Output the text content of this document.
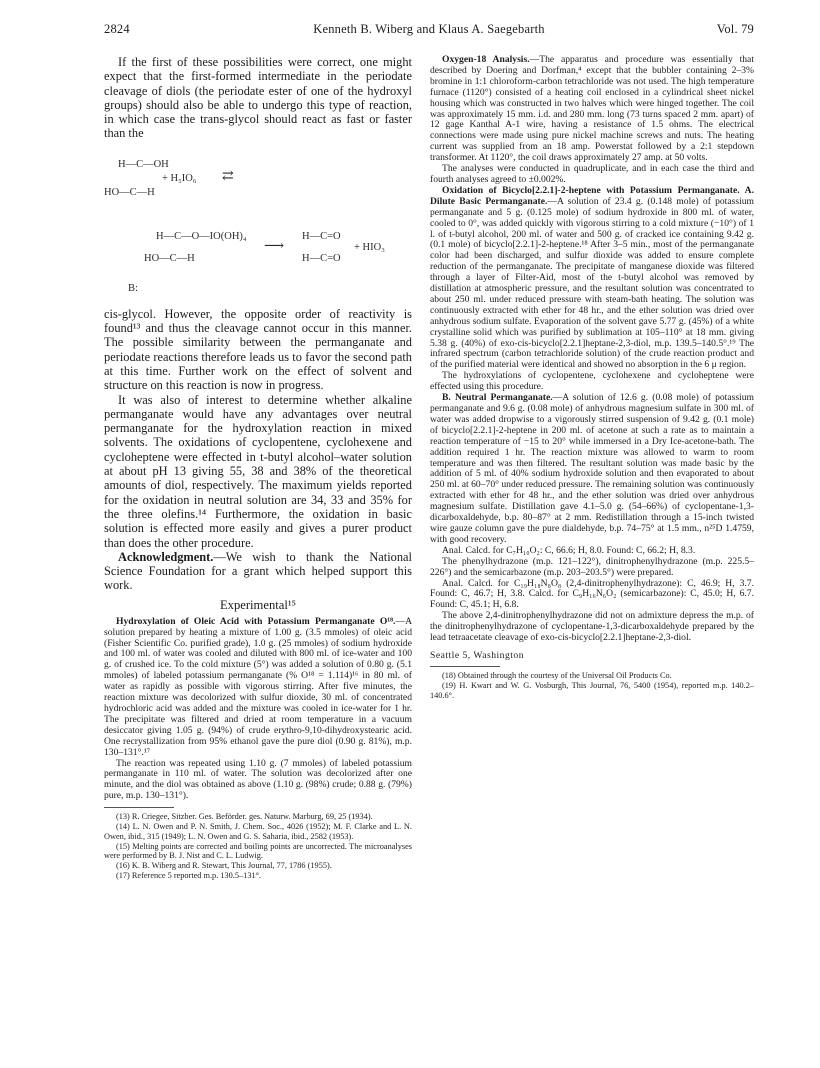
2824	Kenneth B. Wiberg and Klaus A. Saegebarth	Vol. 79

If the first of these possibilities were correct, one might expect that the first-formed intermediate in the periodate cleavage of diols (the periodate ester of one of the hydroxyl groups) should also be able to undergo this type of reaction, in which case the trans-glycol should react as fast or faster than the

H—C—OH
+ H₅IO₆ ⇄
HO—C—H
H—C—O—IO(OH)₄
HO—C—H
B:
⟶
H—C=O
H—C=O
+ HIO₃

cis-glycol. However, the opposite order of reactivity is found¹³ and thus the cleavage cannot occur in this manner. The possible similarity between the permanganate and periodate reactions therefore leads us to favor the second path at this time. Further work on the effect of solvent and structure on this reaction is now in progress.

It was also of interest to determine whether alkaline permanganate would have any advantages over neutral permanganate for the hydroxylation reaction in mixed solvents. The oxidations of cyclopentene, cyclohexene and cycloheptene were effected in t-butyl alcohol–water solution at about pH 13 giving 55, 38 and 38% of the theoretical amounts of diol, respectively. The maximum yields reported for the oxidation in neutral solution are 34, 33 and 35% for the three olefins.¹⁴ Furthermore, the oxidation in basic solution is effected more easily and gives a purer product than does the other procedure.

Acknowledgment.—We wish to thank the National Science Foundation for a grant which helped support this work.

Experimental¹⁵

Hydroxylation of Oleic Acid with Potassium Permanganate O¹⁸.—A solution prepared by heating a mixture of 1.00 g. (3.5 mmoles) of oleic acid (Fisher Scientific Co. purified grade), 1.0 g. (25 mmoles) of sodium hydroxide and 100 ml. of water was cooled and diluted with 800 ml. of ice-water and 100 g. of crushed ice. To the cold mixture (5°) was added a solution of 0.80 g. (5.1 mmoles) of labeled potassium permanganate (% O¹⁸ = 1.114)¹⁶ in 80 ml. of water as rapidly as possible with vigorous stirring. After five minutes, the reaction mixture was decolorized with sulfur dioxide, 30 ml. of concentrated hydrochloric acid was added and the mixture was cooled in ice-water for 1 hr. The precipitate was filtered and dried at room temperature in a vacuum desiccator giving 1.05 g. (94%) of crude erythro-9,10-dihydroxystearic acid. One recrystallization from 95% ethanol gave the pure diol (0.90 g. 81%), m.p. 130–131°.¹⁷

The reaction was repeated using 1.10 g. (7 mmoles) of labeled potassium permanganate in 110 ml. of water. The solution was decolorized after one minute, and the diol was obtained as above (1.10 g. (98%) crude; 0.88 g. (79%) pure, m.p. 130–131°).

(13) R. Criegee, Sitzber. Ges. Beförder. ges. Naturw. Marburg, 69, 25 (1934).

(14) L. N. Owen and P. N. Smith, J. Chem. Soc., 4026 (1952); M. F. Clarke and L. N. Owen, ibid., 315 (1949); L. N. Owen and G. S. Saharia, ibid., 2582 (1953).

(15) Melting points are corrected and boiling points are uncorrected. The microanalyses were performed by B. J. Nist and C. L. Ludwig.

(16) K. B. Wiberg and R. Stewart, This Journal, 77, 1786 (1955).

(17) Reference 5 reported m.p. 130.5–131°.

Oxygen-18 Analysis.—The apparatus and procedure was essentially that described by Doering and Dorfman,⁴ except that the bubbler containing 2–3% bromine in 1:1 chloroform-carbon tetrachloride was not used. The high temperature furnace (1120°) consisted of a heating coil enclosed in a cylindrical sheet nickel housing which was constructed in two halves which were hinged together. The coil was approximately 15 mm. i.d. and 280 mm. long (73 turns spaced 2 mm. apart) of 12 gage Kanthal A-1 wire, having a resistance of 1.5 ohms. The electrical connections were made using pure nickel machine screws and nuts. The heating current was supplied from an 18 amp. Powerstat followed by a 2:1 stepdown transformer. At 1120°, the coil draws approximately 27 amp. at 50 volts.

The analyses were conducted in quadruplicate, and in each case the third and fourth analyses agreed to ±0.002%.

Oxidation of Bicyclo[2.2.1]-2-heptene with Potassium Permanganate. A. Dilute Basic Permanganate.—A solution of 23.4 g. (0.148 mole) of potassium permanganate and 5 g. (0.125 mole) of sodium hydroxide in 800 ml. of water, cooled to 0°, was added quickly with vigorous stirring to a cold mixture (−10°) of 1 l. of t-butyl alcohol, 200 ml. of water and 500 g. of cracked ice containing 9.42 g. (0.1 mole) of bicyclo[2.2.1]-2-heptene.¹⁸ After 3–5 min., most of the permanganate color had been discharged, and sulfur dioxide was added to ensure complete reduction of the permanganate. The precipitate of manganese dioxide was filtered through a layer of Filter-Aid, most of the t-butyl alcohol was removed by distillation at atmospheric pressure, and the resultant solution was concentrated to about 250 ml. under reduced pressure with steam-bath heating. The solution was continuously extracted with ether for 48 hr., and the ether solution was dried over anhydrous sodium sulfate. Evaporation of the solvent gave 5.77 g. (45%) of a white crystalline solid which was purified by sublimation at 105–110° at 18 mm. giving 5.38 g. (40%) of exo-cis-bicyclo[2.2.1]heptane-2,3-diol, m.p. 139.5–140.5°.¹⁹ The infrared spectrum (carbon tetrachloride solution) of the crude reaction product and of the purified material were identical and showed no absorption in the 6 μ region.

The hydroxylations of cyclopentene, cyclohexene and cycloheptene were effected using this procedure.

B. Neutral Permanganate.—A solution of 12.6 g. (0.08 mole) of potassium permanganate and 9.6 g. (0.08 mole) of anhydrous magnesium sulfate in 300 ml. of water was added dropwise to a vigorously stirred suspension of 9.42 g. (0.1 mole) of bicyclo[2.2.1]-2-heptene in 200 ml. of acetone at such a rate as to maintain a reaction temperature of −15 to 20° while immersed in a Dry Ice-acetone-bath. The addition required 1 hr. The reaction mixture was allowed to warm to room temperature and was then filtered. The resultant solution was made basic by the addition of 5 ml. of 40% sodium hydroxide solution and then evaporated to about 250 ml. at 60–70° under reduced pressure. The remaining solution was continuously extracted with ether for 48 hr., and the ether solution was dried over anhydrous magnesium sulfate. Distillation gave 4.1–5.0 g. (54–66%) of cyclopentane-1,3-dicarboxaldehyde, b.p. 80–87° at 2 mm. Redistillation through a 15-inch twisted wire gauze column gave the pure dialdehyde, b.p. 74–75° at 1.5 mm., n²⁵D 1.4759, with good recovery.

Anal. Calcd. for C₇H₁₀O₂: C, 66.6; H, 8.0. Found: C, 66.2; H, 8.3.

The phenylhydrazone (m.p. 121–122°), dinitrophenylhydrazone (m.p. 225.5–226°) and the semicarbazone (m.p. 203–203.5°) were prepared.

Anal. Calcd. for C₁₉H₁₈N₈O₈ (2,4-dinitrophenylhydrazone): C, 46.9; H, 3.7. Found: C, 46.7; H, 3.8. Calcd. for C₉H₁₆N₆O₂ (semicarbazone): C, 45.0; H, 6.7. Found: C, 45.1; H, 6.8.

The above 2,4-dinitrophenylhydrazone did not on admixture depress the m.p. of the dinitrophenylhydrazone of cyclopentane-1,3-dicarboxaldehyde prepared by the lead tetraacetate cleavage of exo-cis-bicyclo[2.2.1]heptane-2,3-diol.

Seattle 5, Washington

(18) Obtained through the courtesy of the Universal Oil Products Co.

(19) H. Kwart and W. G. Vosburgh, This Journal, 76, 5400 (1954), reported m.p. 140.2–140.6°.
